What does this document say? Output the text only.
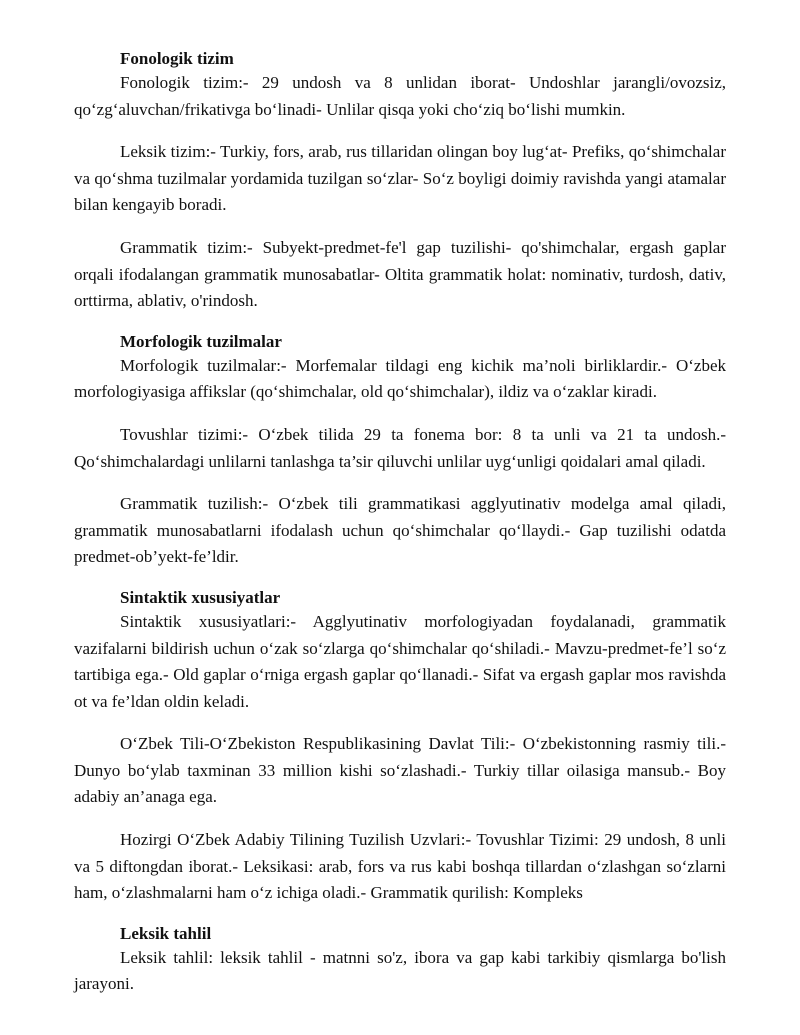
Fonologik tizim

Fonologik tizim:- 29 undosh va 8 unlidan iborat- Undoshlar jarangli/ovozsiz, qo‘zg‘aluvchan/frikativga bo‘linadi- Unlilar qisqa yoki cho‘ziq bo‘lishi mumkin.

Leksik tizim:- Turkiy, fors, arab, rus tillaridan olingan boy lug‘at- Prefiks, qo‘shimchalar va qo‘shma tuzilmalar yordamida tuzilgan so‘zlar- So‘z boyligi doimiy ravishda yangi atamalar bilan kengayib boradi.

Grammatik tizim:- Subyekt-predmet-fe'l gap tuzilishi- qo'shimchalar, ergash gaplar orqali ifodalangan grammatik munosabatlar- Oltita grammatik holat: nominativ, turdosh, dativ, orttirma, ablativ, o'rindosh.

Morfologik tuzilmalar

Morfologik tuzilmalar:- Morfemalar tildagi eng kichik ma’noli birliklardir.- O‘zbek morfologiyasiga affikslar (qo‘shimchalar, old qo‘shimchalar), ildiz va o‘zaklar kiradi.

Tovushlar tizimi:- O‘zbek tilida 29 ta fonema bor: 8 ta unli va 21 ta undosh.- Qo‘shimchalardagi unlilarni tanlashga ta’sir qiluvchi unlilar uyg‘unligi qoidalari amal qiladi.

Grammatik tuzilish:- O‘zbek tili grammatikasi agglyutinativ modelga amal qiladi, grammatik munosabatlarni ifodalash uchun qo‘shimchalar qo‘llaydi.- Gap tuzilishi odatda predmet-ob’yekt-fe’ldir.

Sintaktik xususiyatlar

Sintaktik xususiyatlari:- Agglyutinativ morfologiyadan foydalanadi, grammatik vazifalarni bildirish uchun o‘zak so‘zlarga qo‘shimchalar qo‘shiladi.- Mavzu-predmet-fe’l so‘z tartibiga ega.- Old gaplar o‘rniga ergash gaplar qo‘llanadi.- Sifat va ergash gaplar mos ravishda ot va fe’ldan oldin keladi.

O‘Zbek Tili-O‘Zbekiston Respublikasining Davlat Tili:- O‘zbekistonning rasmiy tili.- Dunyo bo‘ylab taxminan 33 million kishi so‘zlashadi.- Turkiy tillar oilasiga mansub.- Boy adabiy an’anaga ega.

Hozirgi O‘Zbek Adabiy Tilining Tuzilish Uzvlari:- Tovushlar Tizimi: 29 undosh, 8 unli va 5 diftongdan iborat.- Leksikasi: arab, fors va rus kabi boshqa tillardan o‘zlashgan so‘zlarni ham, o‘zlashmalarni ham o‘z ichiga oladi.- Grammatik qurilish: Kompleks

Leksik tahlil

Leksik tahlil: leksik tahlil - matnni so'z, ibora va gap kabi tarkibiy qismlarga bo'lish jarayoni.
